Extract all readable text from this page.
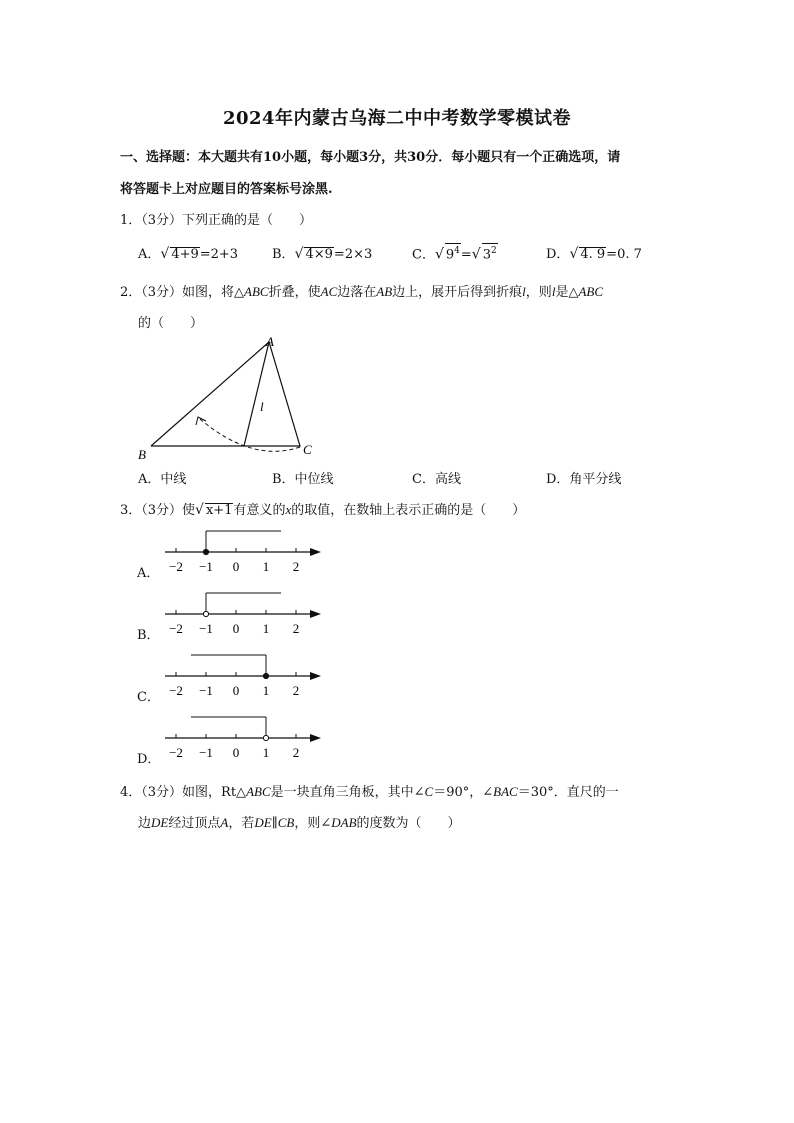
2024年内蒙古乌海二中中考数学零模试卷
一、选择题：本大题共有10小题，每小题3分，共30分．每小题只有一个正确选项，请
将答题卡上对应题目的答案标号涂黑.
1．（3分）下列正确的是（　　）
A．√ 4+9=2+3	B．√ 4×9=2×3	C．√ $9^4=√$ $3^2$	D．√ 4. 9=0. 7
2．（3分）如图，将△ABC折叠，使AC边落在AB边上，展开后得到折痕l，则l是△ABC
的（　　）
A
B	C
l
A．中线	B．中位线	C．高线	D．角平分线
3．（3分）使√ x+1有意义的x的取值，在数轴上表示正确的是（　　）
A． −2 −1 0 1 2
B． −2 −1 0 1 2
C． −2 −1 0 1 2
D． −2 −1 0 1 2
4．（3分）如图，Rt△ABC是一块直角三角板，其中∠C＝90°，∠BAC＝30°．直尺的一
边DE经过顶点A，若DE∥CB，则∠DAB的度数为（　　）
